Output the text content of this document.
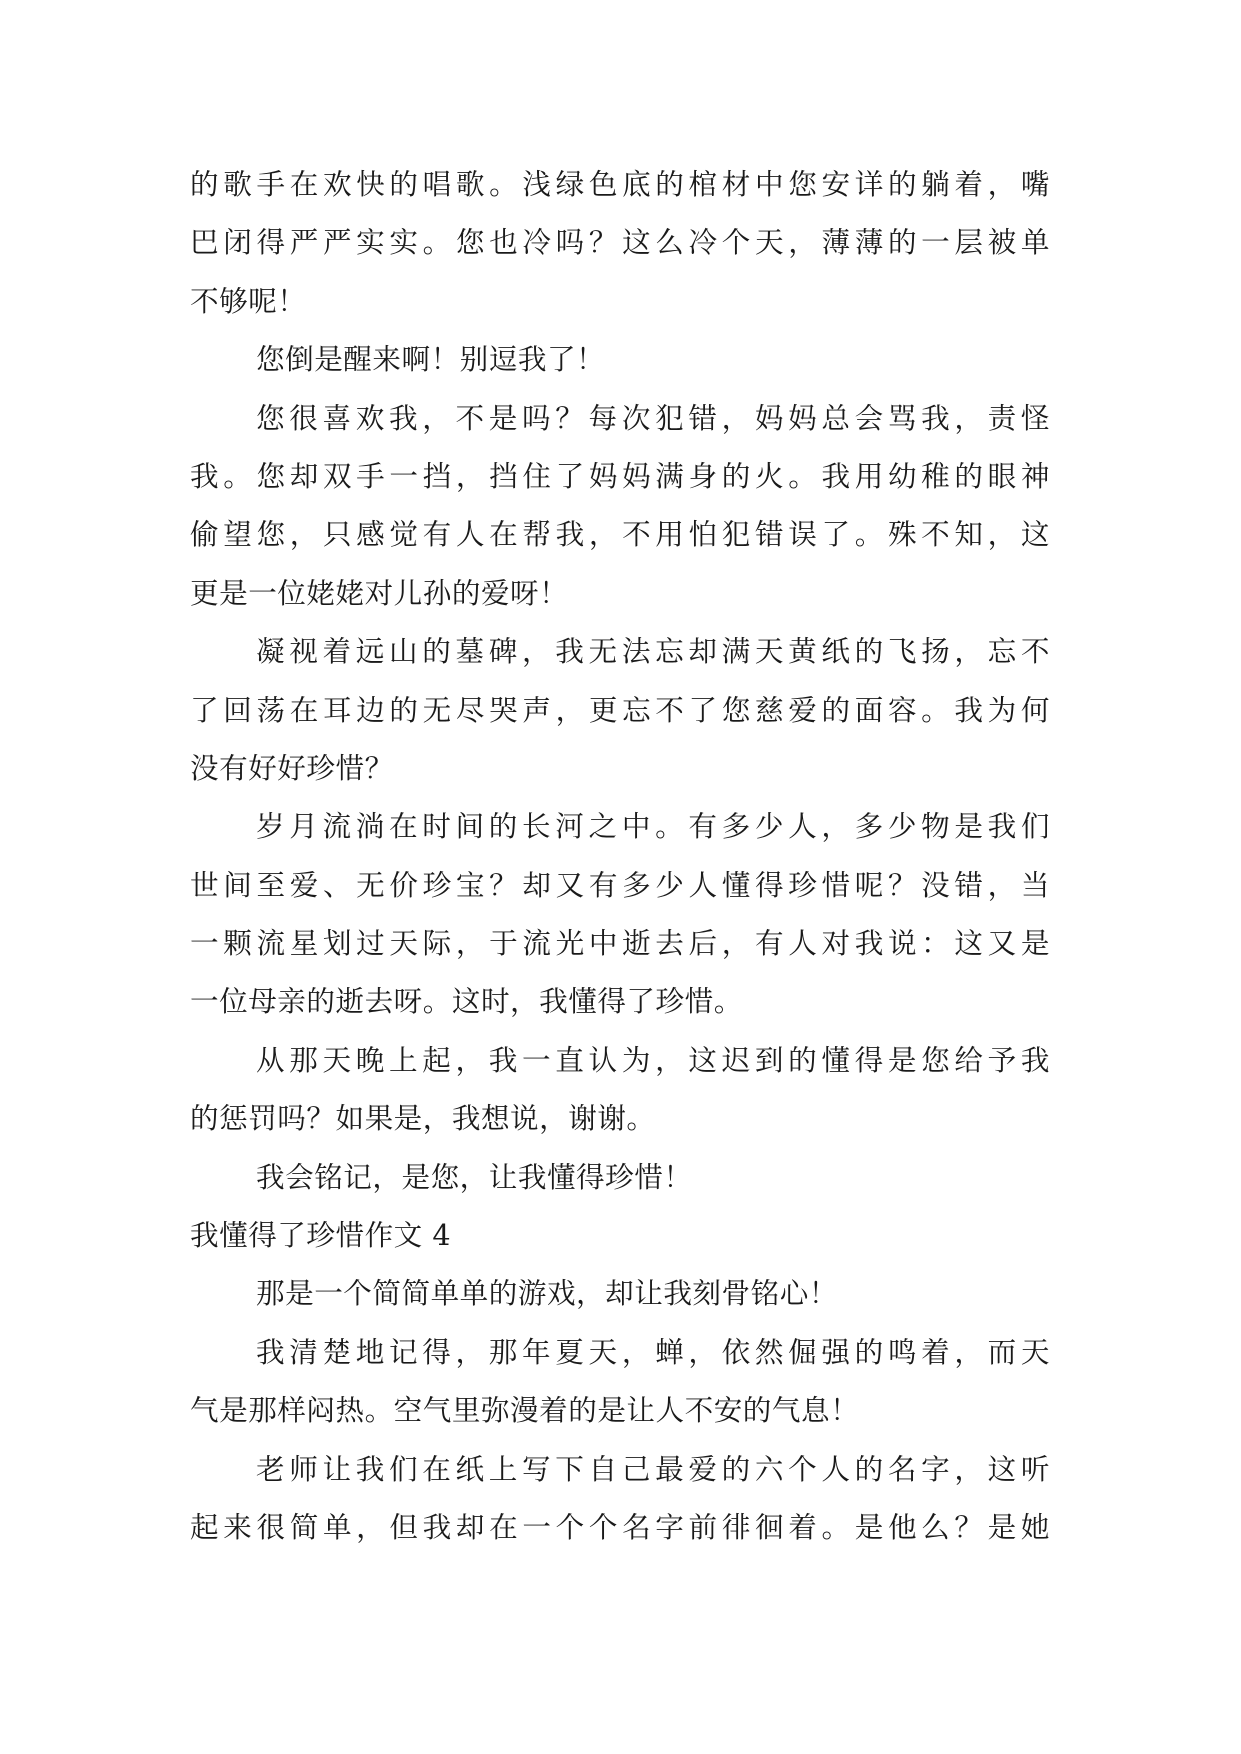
的歌手在欢快的唱歌。浅绿色底的棺材中您安详的躺着，嘴
巴闭得严严实实。您也冷吗？这么冷个天，薄薄的一层被单
不够呢！
您倒是醒来啊！别逗我了！
您很喜欢我，不是吗？每次犯错，妈妈总会骂我，责怪
我。您却双手一挡，挡住了妈妈满身的火。我用幼稚的眼神
偷望您，只感觉有人在帮我，不用怕犯错误了。殊不知，这
更是一位姥姥对儿孙的爱呀！
凝视着远山的墓碑，我无法忘却满天黄纸的飞扬，忘不
了回荡在耳边的无尽哭声，更忘不了您慈爱的面容。我为何
没有好好珍惜？
岁月流淌在时间的长河之中。有多少人，多少物是我们
世间至爱、无价珍宝？却又有多少人懂得珍惜呢？没错，当
一颗流星划过天际，于流光中逝去后，有人对我说：这又是
一位母亲的逝去呀。这时，我懂得了珍惜。
从那天晚上起，我一直认为，这迟到的懂得是您给予我
的惩罚吗？如果是，我想说，谢谢。
我会铭记，是您，让我懂得珍惜！
我懂得了珍惜作文 4
那是一个简简单单的游戏，却让我刻骨铭心！
我清楚地记得，那年夏天，蝉，依然倔强的鸣着，而天
气是那样闷热。空气里弥漫着的是让人不安的气息！
老师让我们在纸上写下自己最爱的六个人的名字，这听
起来很简单，但我却在一个个名字前徘徊着。是他么？是她
